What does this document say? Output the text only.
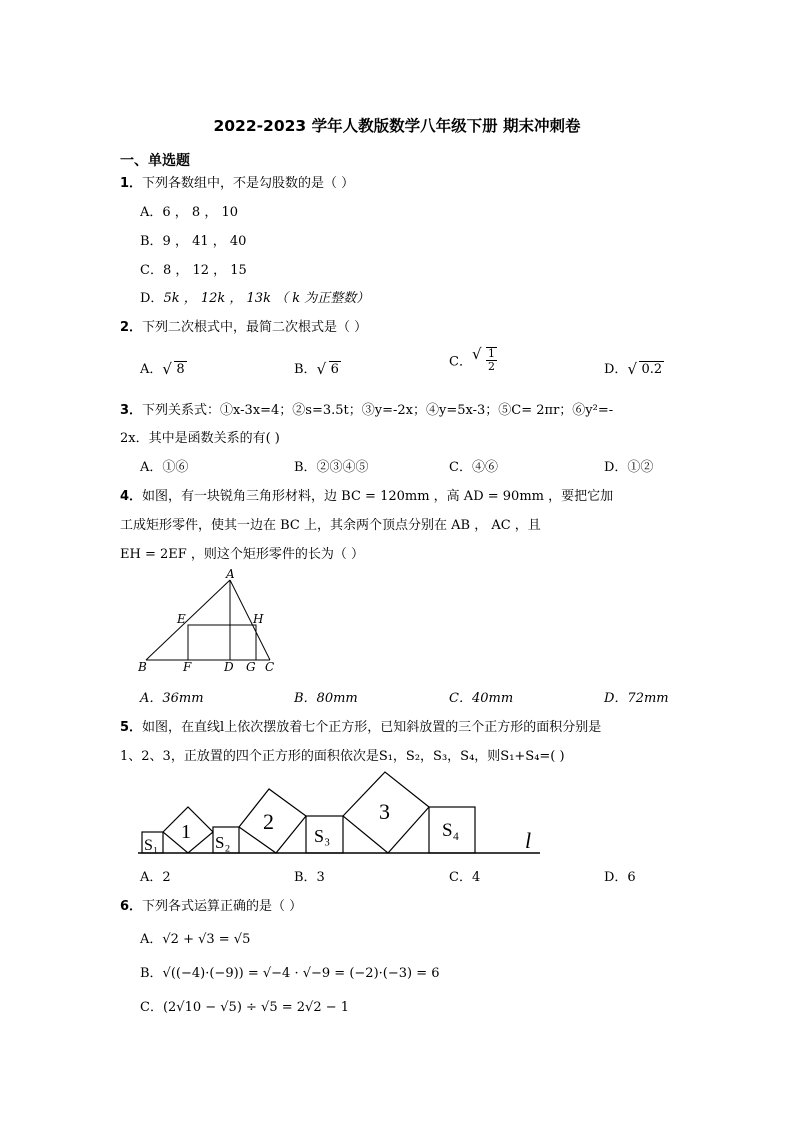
2022-2023 学年人教版数学八年级下册 期末冲刺卷
一、单选题
1．下列各数组中，不是勾股数的是（ ）
A．6 ， 8 ， 10
B．9 ， 41 ， 40
C．8 ， 12 ， 15
D．5k ， 12k ， 13k （ k 为正整数）
2．下列二次根式中，最简二次根式是（ ）
A． √ 8	B． √ 6	C． √ $\frac{1}{2}$	D． √ 0.2
3．下列关系式：①x-3x=4；②s=3.5t；③y=-2x；④y=5x-3；⑤C= 2πr；⑥y²=-
2x．其中是函数关系的有( )
A．①⑥	B．②③④⑤	C．④⑥	D．①②
4．如图，有一块锐角三角形材料，边 BC = 120mm ，高 AD = 90mm ，要把它加
工成矩形零件，使其一边在 BC 上，其余两个顶点分别在 AB ， AC ，且
EH = 2EF ，则这个矩形零件的长为（ ）
A
B	C
D
E
F	G
H
A．36mm	B．80mm	C．40mm	D．72mm
5．如图，在直线l上依次摆放着七个正方形，已知斜放置的三个正方形的面积分别是
1、2、3，正放置的四个正方形的面积依次是S₁，S₂，S₃，S₄，则S₁+S₄=( )
S₁
1 S₂
2
S₃
3
S₄	l
A．2	B．3	C．4	D．6
6．下列各式运算正确的是（ ）
A．√2 + √3 = √5
B．√((−4)·(−9)) = √−4 · √−9 = (−2)·(−3) = 6
C．(2√10 − √5) ÷ √5 = 2√2 − 1
